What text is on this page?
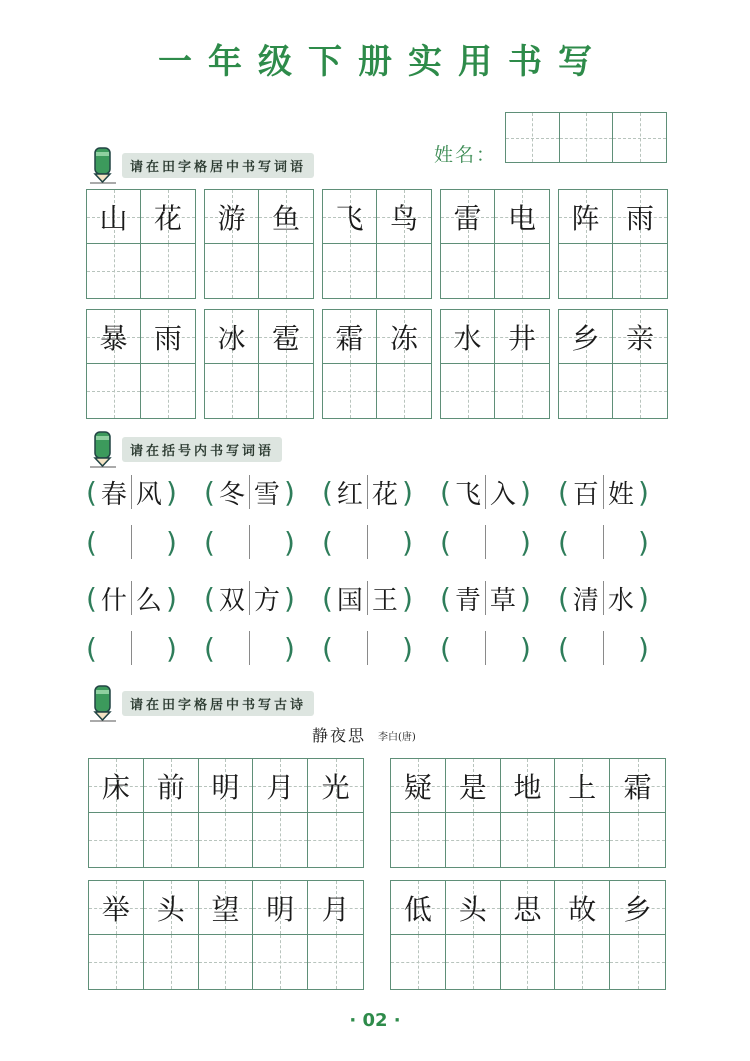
一年级下册实用书写
姓名：
请在田字格居中书写词语
山 花 游 鱼 飞 鸟 雷 电 阵 雨
暴 雨 冰 雹 霜 冻 水 井 乡 亲
请在括号内书写词语
( 春 风 ) ( 冬 雪 ) ( 红 花 ) ( 飞 入 ) ( 百 姓 )
( ) ( ) ( ) ( ) ( )
( 什 么 ) ( 双 方 ) ( 国 王 ) ( 青 草 ) ( 清 水 )
( ) ( ) ( ) ( ) ( )
请在田字格居中书写古诗
静夜思 李白(唐)
床 前 明 月 光 疑 是 地 上 霜
举 头 望 明 月 低 头 思 故 乡
· 02 ·
